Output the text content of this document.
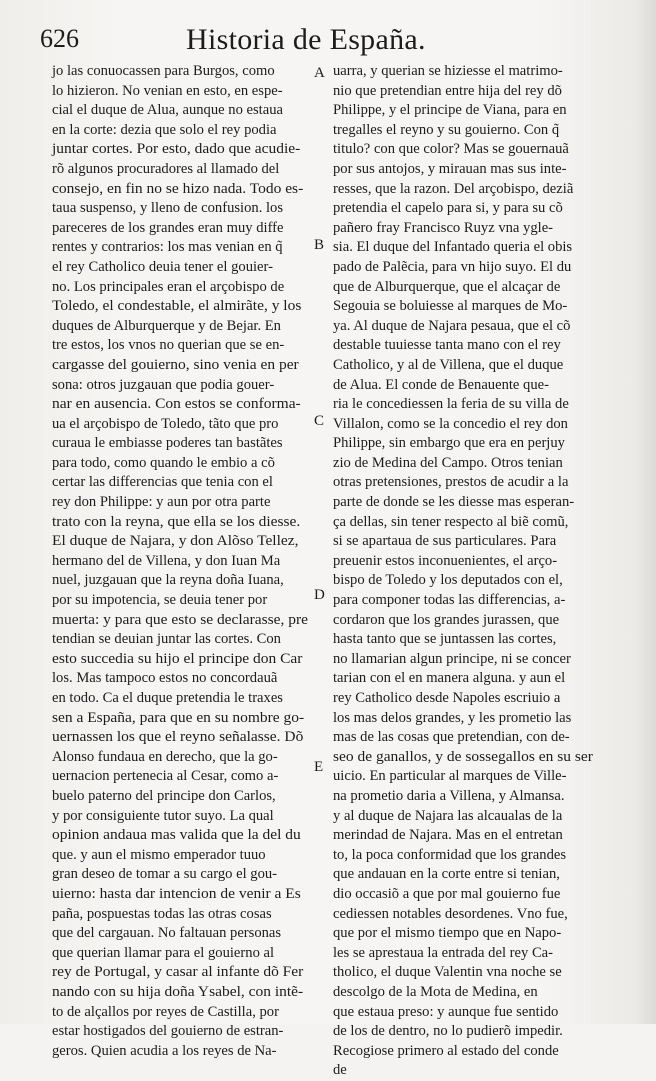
626	Historia de España.
jo las conuocassen para Burgos, como
lo hizieron. No venian en esto, en espe-
cial el duque de Alua, aunque no estaua
en la corte: dezia que solo el rey podia
juntar cortes. Por esto, dado que acudie-
rõ algunos procuradores al llamado del
consejo, en fin no se hizo nada. Todo es-
taua suspenso, y lleno de confusion. los
pareceres de los grandes eran muy diffe
rentes y contrarios: los mas venian en q̃
el rey Catholico deuia tener el gouier-
no. Los principales eran el arçobispo de
Toledo, el condestable, el almirãte, y los
duques de Alburquerque y de Bejar. En
tre estos, los vnos no querian que se en-
cargasse del gouierno, sino venia en per
sona: otros juzgauan que podia gouer-
nar en ausencia. Con estos se conforma-
ua el arçobispo de Toledo, tãto que pro
curaua le embiasse poderes tan bastãtes
para todo, como quando le embio a cõ
certar las differencias que tenia con el
rey don Philippe: y aun por otra parte
trato con la reyna, que ella se los diesse.
El duque de Najara, y don Alõso Tellez,
hermano del de Villena, y don Iuan Ma
nuel, juzgauan que la reyna doña Iuana,
por su impotencia, se deuia tener por
muerta: y para que esto se declarasse, pre
tendian se deuian juntar las cortes. Con
esto succedia su hijo el principe don Car
los. Mas tampoco estos no concordauã
en todo. Ca el duque pretendia le traxes
sen a España, para que en su nombre go-
uernassen los que el reyno señalasse. Dõ
Alonso fundaua en derecho, que la go-
uernacion pertenecia al Cesar, como a-
buelo paterno del principe don Carlos,
y por consiguiente tutor suyo. La qual
opinion andaua mas valida que la del du
que. y aun el mismo emperador tuuo
gran deseo de tomar a su cargo el gou-
uierno: hasta dar intencion de venir a Es
paña, pospuestas todas las otras cosas
que del cargauan. No faltauan personas
que querian llamar para el gouierno al
rey de Portugal, y casar al infante dõ Fer
nando con su hija doña Ysabel, con intẽ-
to de alçallos por reyes de Castilla, por
estar hostigados del gouierno de estran-
geros. Quien acudia a los reyes de Na-
uarra, y querian se hiziesse el matrimo-
nio que pretendian entre hija del rey dõ
Philippe, y el principe de Viana, para en
tregalles el reyno y su gouierno. Con q̃
titulo? con que color? Mas se gouernauã
por sus antojos, y mirauan mas sus inte-
resses, que la razon. Del arçobispo, deziã
pretendia el capelo para si, y para su cõ
pañero fray Francisco Ruyz vna ygle-
sia. El duque del Infantado queria el obis
pado de Palẽcia, para vn hijo suyo. El du
que de Alburquerque, que el alcaçar de
Segouia se boluiesse al marques de Mo-
ya. Al duque de Najara pesaua, que el cõ
destable tuuiesse tanta mano con el rey
Catholico, y al de Villena, que el duque
de Alua. El conde de Benauente que-
ria le concediessen la feria de su villa de
Villalon, como se la concedio el rey don
Philippe, sin embargo que era en perjuy
zio de Medina del Campo. Otros tenian
otras pretensiones, prestos de acudir a la
parte de donde se les diesse mas esperan-
ça dellas, sin tener respecto al biẽ comũ,
si se apartaua de sus particulares. Para
preuenir estos inconuenientes, el arço-
bispo de Toledo y los deputados con el,
para componer todas las differencias, a-
cordaron que los grandes jurassen, que
hasta tanto que se juntassen las cortes,
no llamarian algun principe, ni se concer
tarian con el en manera alguna. y aun el
rey Catholico desde Napoles escriuio a
los mas delos grandes, y les prometio las
mas de las cosas que pretendian, con de-
seo de ganallos, y de sossegallos en su ser
uicio. En particular al marques de Ville-
na prometio daria a Villena, y Almansa.
y al duque de Najara las alcaualas de la
merindad de Najara. Mas en el entretan
to, la poca conformidad que los grandes
que andauan en la corte entre si tenian,
dio occasiõ a que por mal gouierno fue
cediessen notables desordenes. Vno fue,
que por el mismo tiempo que en Napo-
les se aprestaua la entrada del rey Ca-
tholico, el duque Valentin vna noche se
descolgo de la Mota de Medina, en
que estaua preso: y aunque fue sentido
de los de dentro, no lo pudierõ impedir.
Recogiose primero al estado del conde
de
A
B
C
D
E
